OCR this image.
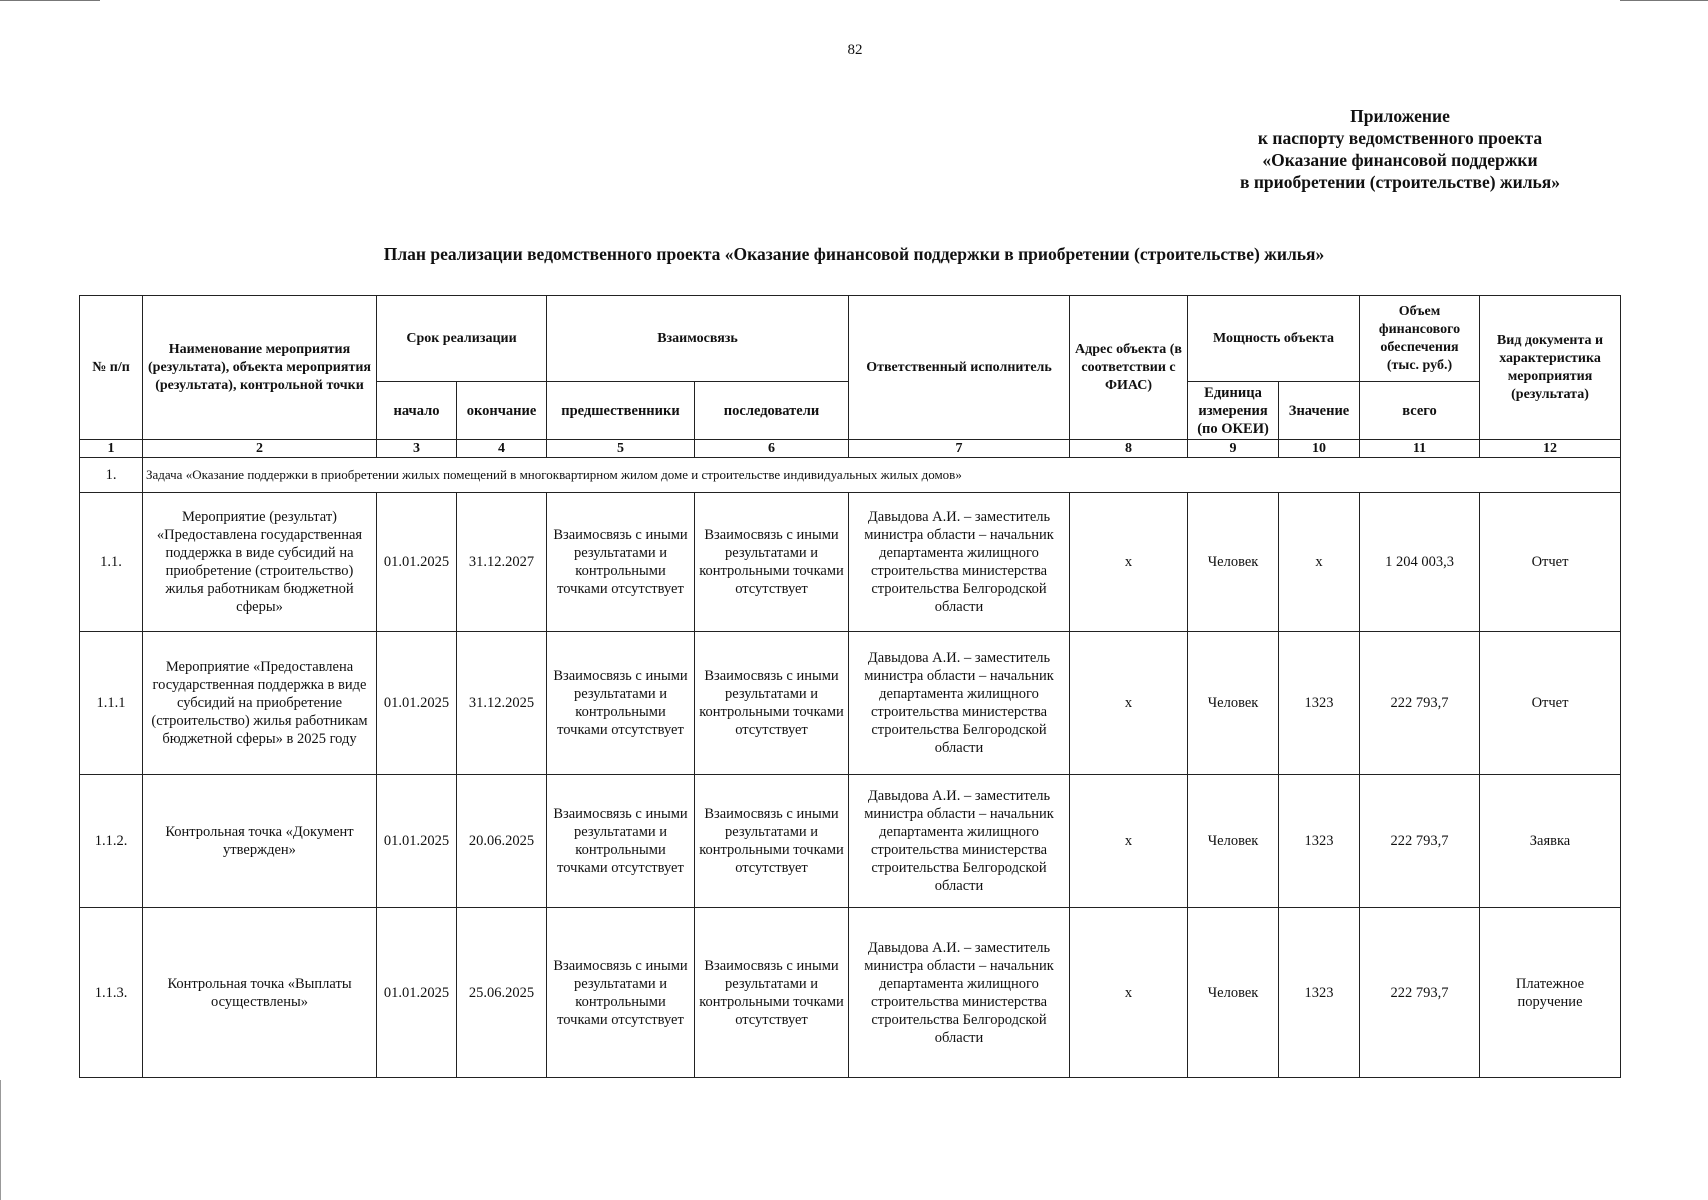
82
Приложение
к паспорту ведомственного проекта
«Оказание финансовой поддержки
в приобретении (строительстве) жилья»
План реализации ведомственного проекта «Оказание финансовой поддержки в приобретении (строительстве) жилья»
№ п/п	Наименование мероприятия (результата), объекта мероприятия (результата), контрольной точки	Срок реализации		Взаимосвязь		Ответственный исполнитель	Адрес объекта (в соответствии с ФИАС)	Мощность объекта		Объем финансового обеспечения (тыс. руб.)	Вид документа и характеристика мероприятия (результата)
		начало	окончание	предшественники	последователи			Единица измерения (по ОКЕИ)	Значение	всего	
1	2	3	4	5	6	7	8	9	10	11	12
1.	Задача «Оказание поддержки в приобретении жилых помещений в многоквартирном жилом доме и строительстве индивидуальных жилых домов»										
1.1.	Мероприятие (результат) «Предоставлена государственная поддержка в виде субсидий на приобретение (строительство) жилья работникам бюджетной сферы»	01.01.2025	31.12.2027	Взаимосвязь с иными результатами и контрольными точками отсутствует	Взаимосвязь с иными результатами и контрольными точками отсутствует	Давыдова А.И. – заместитель министра области – начальник департамента жилищного строительства министерства строительства Белгородской области	х	Человек	х	1 204 003,3	Отчет
1.1.1	Мероприятие «Предоставлена государственная поддержка в виде субсидий на приобретение (строительство) жилья работникам бюджетной сферы» в 2025 году	01.01.2025	31.12.2025	Взаимосвязь с иными результатами и контрольными точками отсутствует	Взаимосвязь с иными результатами и контрольными точками отсутствует	Давыдова А.И. – заместитель министра области – начальник департамента жилищного строительства министерства строительства Белгородской области	х	Человек	1323	222 793,7	Отчет
1.1.2.	Контрольная точка «Документ утвержден»	01.01.2025	20.06.2025	Взаимосвязь с иными результатами и контрольными точками отсутствует	Взаимосвязь с иными результатами и контрольными точками отсутствует	Давыдова А.И. – заместитель министра области – начальник департамента жилищного строительства министерства строительства Белгородской области	х	Человек	1323	222 793,7	Заявка
1.1.3.	Контрольная точка «Выплаты осуществлены»	01.01.2025	25.06.2025	Взаимосвязь с иными результатами и контрольными точками отсутствует	Взаимосвязь с иными результатами и контрольными точками отсутствует	Давыдова А.И. – заместитель министра области – начальник департамента жилищного строительства министерства строительства Белгородской области	х	Человек	1323	222 793,7	Платежное поручение
